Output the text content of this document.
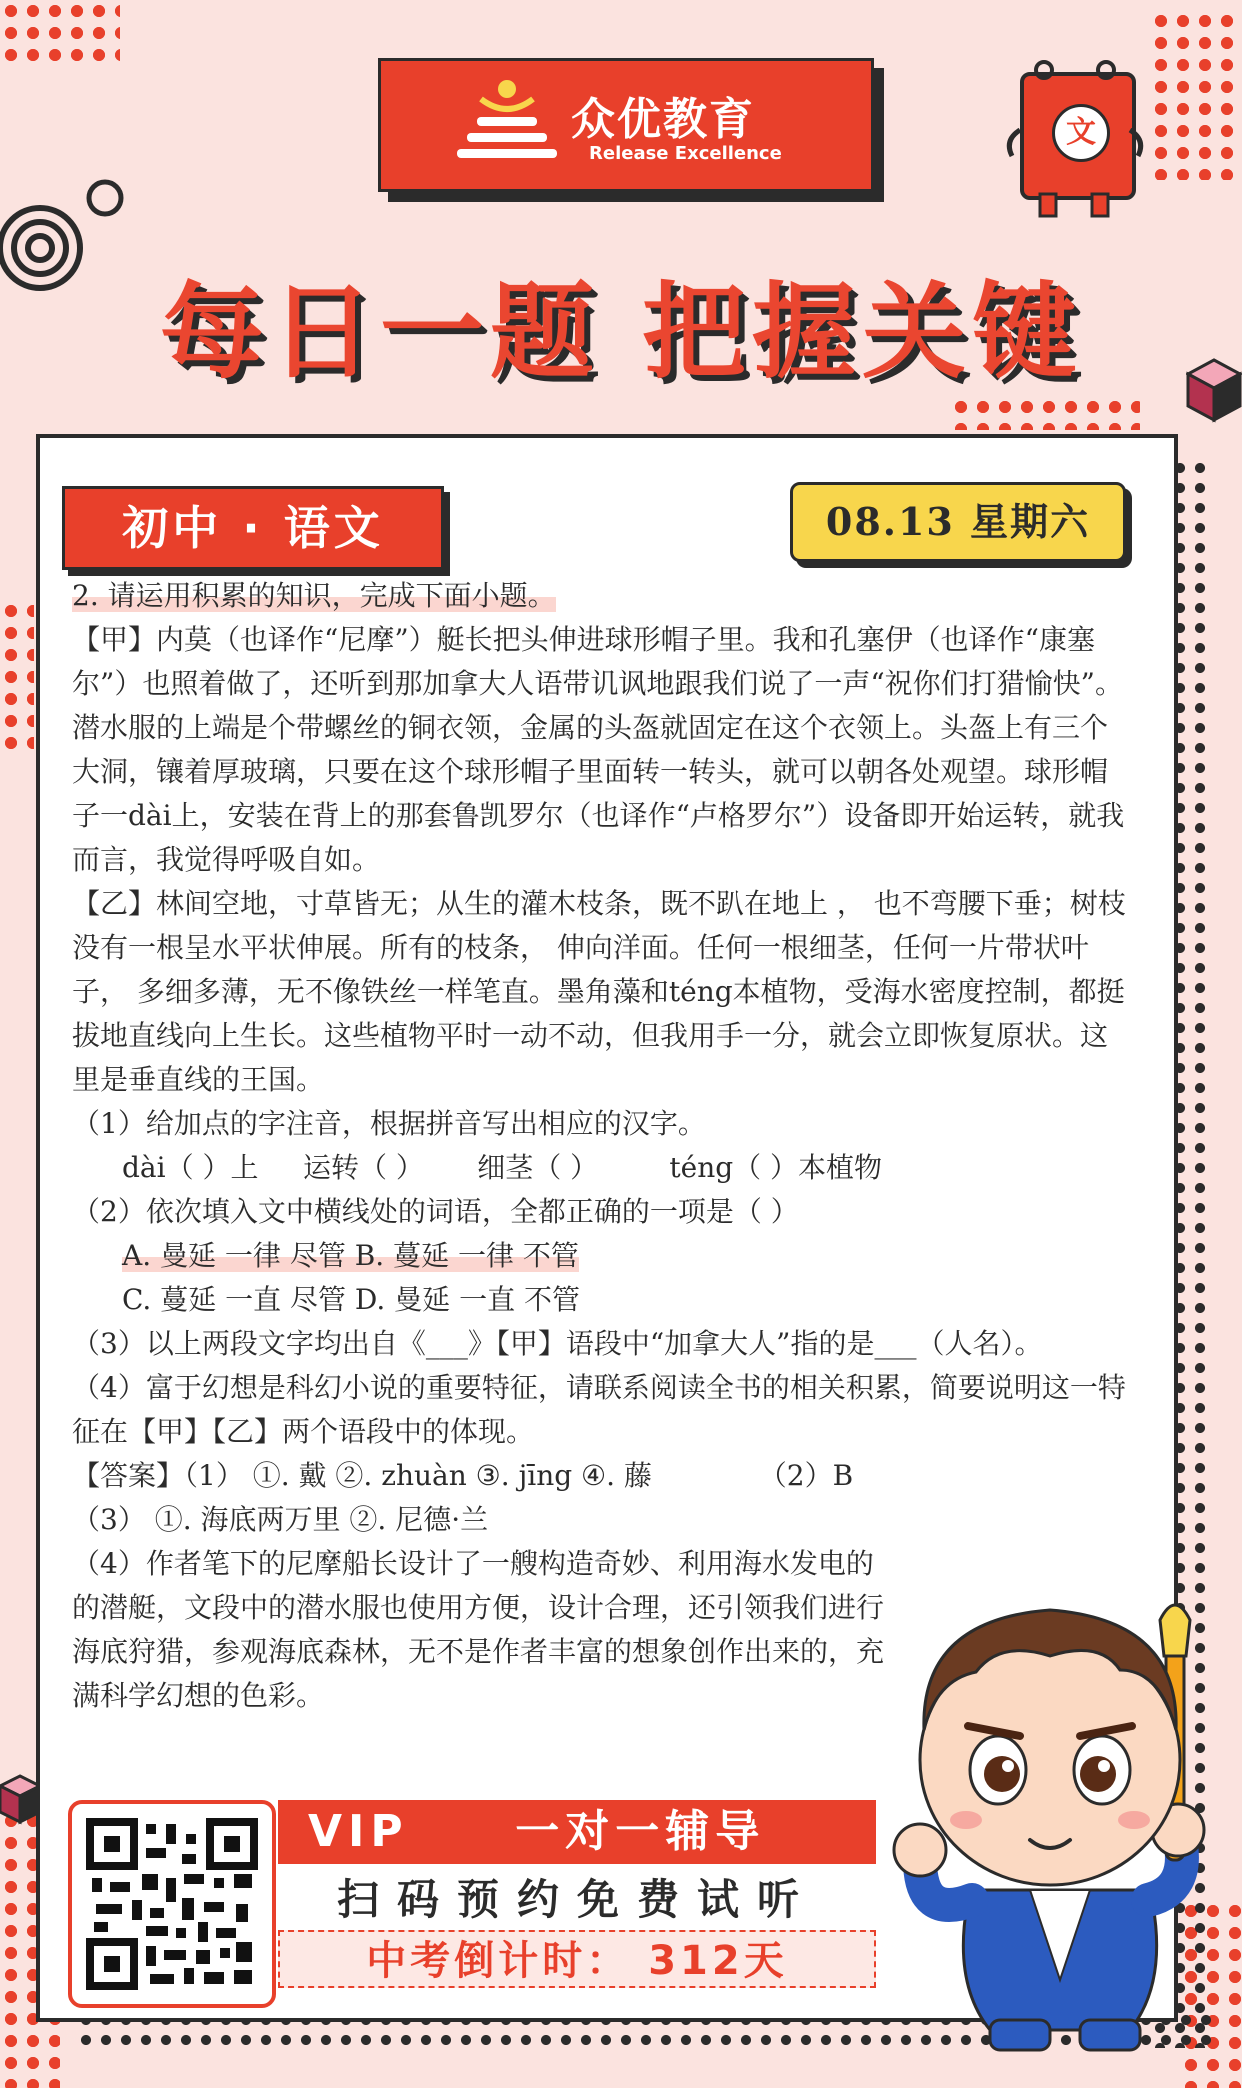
众优教育
Release Excellence
文
每日一题 把握关键
初中 · 语文	08.13 星期六

2. 请运用积累的知识，完成下面小题。

【甲】内莫（也译作“尼摩”）艇长把头伸进球形帽子里。我和孔塞伊（也译作“康塞尔”）也照着做了，还听到那加拿大人语带讥讽地跟我们说了一声“祝你们打猎愉快”。潜水服的上端是个带螺丝的铜衣领，金属的头盔就固定在这个衣领上。头盔上有三个大洞，镶着厚玻璃，只要在这个球形帽子里面转一转头，就可以朝各处观望。球形帽子一dài上，安装在背上的那套鲁凯罗尔（也译作“卢格罗尔”）设备即开始运转，就我而言，我觉得呼吸自如。

【乙】林间空地，寸草皆无；从生的灌木枝条，既不趴在地上 ， 也不弯腰下垂；树枝没有一根呈水平状伸展。所有的枝条， 伸向洋面。任何一根细茎，任何一片带状叶子， 多细多薄，无不像铁丝一样笔直。墨角藻和téng本植物，受海水密度控制，都挺拔地直线向上生长。这些植物平时一动不动，但我用手一分，就会立即恢复原状。这里是垂直线的王国。

（1）给加点的字注音，根据拼音写出相应的汉字。

dài（ ）上     运转（ ）      细茎（ ）        téng（ ）本植物

（2）依次填入文中横线处的词语，全都正确的一项是（ ）

A. 曼延 一律 尽管 B. 蔓延 一律 不管

C. 蔓延 一直 尽管 D. 曼延 一直 不管

（3）以上两段文字均出自《___》【甲】语段中“加拿大人”指的是___（人名）。

（4）富于幻想是科幻小说的重要特征，请联系阅读全书的相关积累，简要说明这一特征在【甲】【乙】两个语段中的体现。

【答案】（1） ①. 戴 ②. zhuàn ③. jīng ④. 藤            （2）B

（3） ①. 海底两万里 ②. 尼德·兰

（4）作者笔下的尼摩船长设计了一艘构造奇妙、利用海水发电的的潜艇，文段中的潜水服也使用方便，设计合理，还引领我们进行海底狩猎，参观海底森林，无不是作者丰富的想象创作出来的，充满科学幻想的色彩。

VIP     一对一辅导
扫码预约免费试听
中考倒计时： 312天
